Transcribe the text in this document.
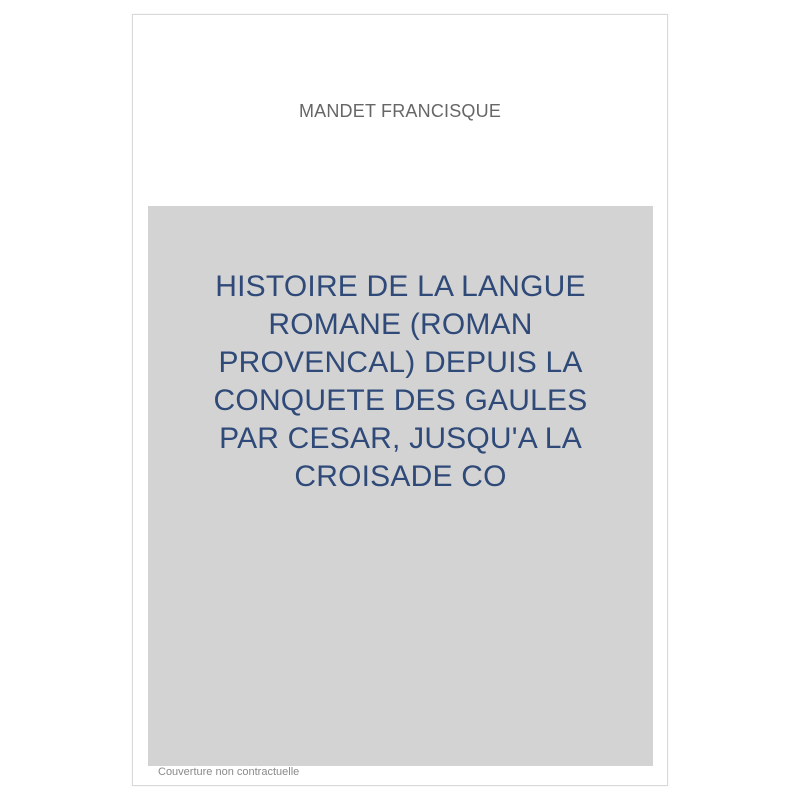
MANDET FRANCISQUE
HISTOIRE DE LA LANGUE
ROMANE (ROMAN
PROVENCAL) DEPUIS LA
CONQUETE DES GAULES
PAR CESAR, JUSQU'A LA
CROISADE CO
Couverture non contractuelle
